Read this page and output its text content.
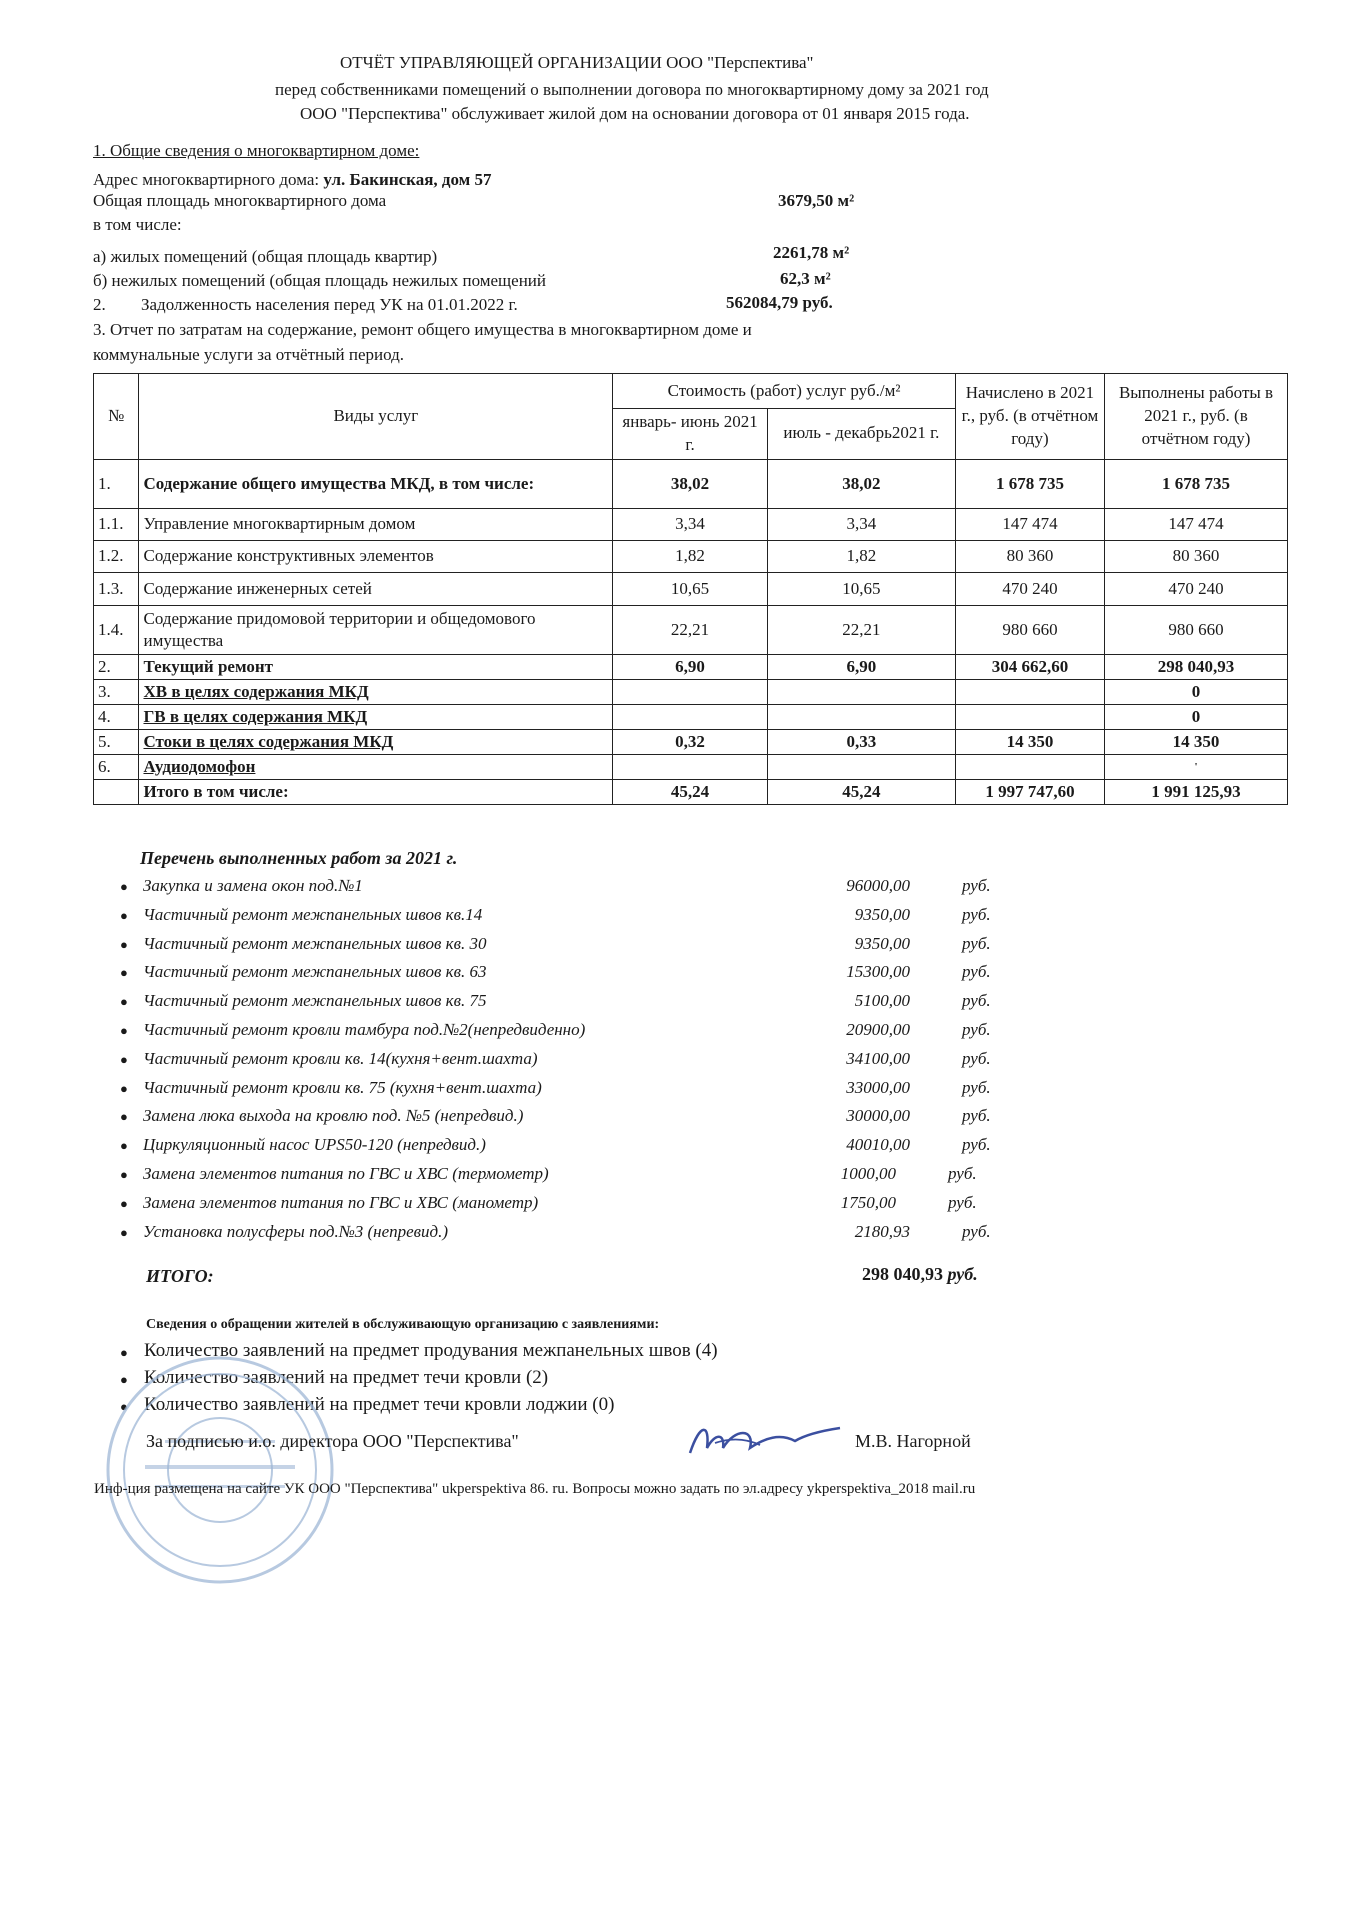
ОТЧЁТ УПРАВЛЯЮЩЕЙ ОРГАНИЗАЦИИ ООО "Перспектива"
перед собственниками помещений о выполнении договора по многоквартирному дому за 2021 год
ООО "Перспектива" обслуживает жилой дом на основании договора от 01 января 2015 года.
1. Общие сведения о многоквартирном доме:
Адрес многоквартирного дома: ул. Бакинская, дом 57
Общая площадь многоквартирного дома	3679,50 м²
в том числе:
а) жилых помещений (общая площадь квартир)	2261,78 м²
б) нежилых помещений (общая площадь нежилых помещений	62,3 м²
2. Задолженность населения перед УК на 01.01.2022 г.	562084,79 руб.
3. Отчет по затратам на содержание, ремонт общего имущества в многоквартирном доме и
коммунальные услуги за отчётный период.
№	Виды услуг	Стоимость (работ) услуг руб./м²		Начислено в 2021 г., руб. (в отчётном году)	Выполнены работы в 2021 г., руб. (в отчётном году)
		январь- июнь 2021 г.	июль - декабрь2021 г.		
1.	Содержание общего имущества МКД, в том числе:	38,02	38,02	1 678 735	1 678 735
1.1.	Управление многоквартирным домом	3,34	3,34	147 474	147 474
1.2.	Содержание конструктивных элементов	1,82	1,82	80 360	80 360
1.3.	Содержание инженерных сетей	10,65	10,65	470 240	470 240
1.4.	Содержание придомовой территории и общедомового имущества	22,21	22,21	980 660	980 660
2.	Текущий ремонт	6,90	6,90	304 662,60	298 040,93
3.	ХВ в целях содержания МКД				0
4.	ГВ в целях содержания МКД				0
5.	Стоки в целях содержания МКД	0,32	0,33	14 350	14 350
6.	Аудиодомофон				'
	Итого в том числе:	45,24	45,24	1 997 747,60	1 991 125,93
Перечень выполненных работ за 2021 г.
● Закупка и замена окон под.№1	96000,00	руб.
● Частичный ремонт межпанельных швов кв.14	9350,00	руб.
● Частичный ремонт межпанельных швов кв. 30	9350,00	руб.
● Частичный ремонт межпанельных швов кв. 63	15300,00	руб.
● Частичный ремонт межпанельных швов кв. 75	5100,00	руб.
● Частичный ремонт кровли тамбура под.№2(непредвиденно)	20900,00	руб.
● Частичный ремонт кровли кв. 14(кухня+вент.шахта)	34100,00	руб.
● Частичный ремонт кровли кв. 75 (кухня+вент.шахта)	33000,00	руб.
● Замена люка выхода на кровлю под. №5 (непредвид.)	30000,00	руб.
● Циркуляционный насос UPS50-120 (непредвид.)	40010,00	руб.
● Замена элементов питания по ГВС и ХВС (термометр)	1000,00	руб.
● Замена элементов питания по ГВС и ХВС (манометр)	1750,00	руб.
● Установка полусферы под.№3 (непревид.)	2180,93	руб.
ИТОГО:	298 040,93 руб.
Сведения о обращении жителей в обслуживающую организацию с заявлениями:
● Количество заявлений на предмет продувания межпанельных швов (4)
● Количество заявлений на предмет течи кровли (2)
● Количество заявлений на предмет течи кровли лоджии (0)
За подписью и.о. директора ООО "Перспектива"	М.В. Нагорной
Инф-ция размещена на сайте УК ООО "Перспектива" ukperspektiva 86. ru. Вопросы можно задать по эл.адресу ykperspektiva_2018 mail.ru
